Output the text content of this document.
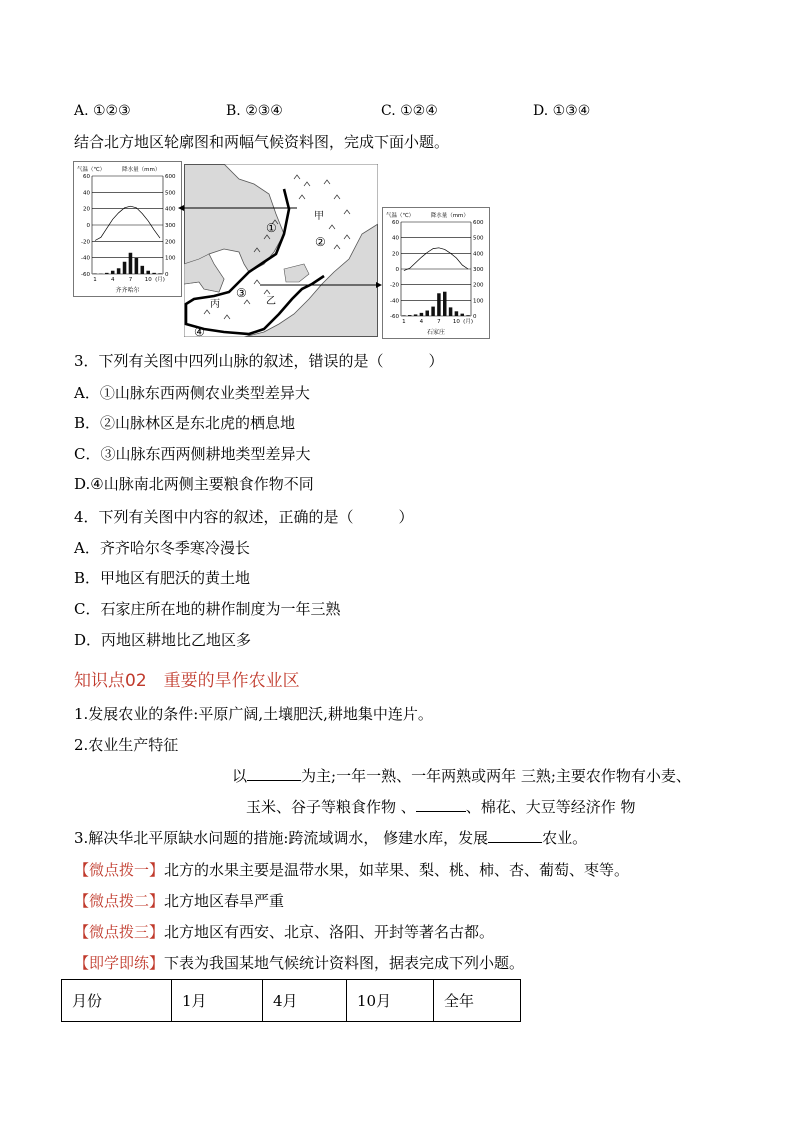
A. ①②③	B. ②③④	C. ①②④	D. ①③④
结合北方地区轮廓图和两幅气候资料图，完成下面小题。
气温（℃）	降水量（mm）
60	600
40	500
20	400
0	300
-20	200
-40	100
-60	0
1	4	7 10 (月)
齐齐哈尔
甲
乙
丙
①
②
③
④
气温（℃）	降水量（mm）
60	600
40	500
20	400
0	300
-20	200
-40	100
-60	0
1	4	7 10 (月)
石家庄
3．下列有关图中四列山脉的叙述，错误的是（　　　）
A．①山脉东西两侧农业类型差异大
B．②山脉林区是东北虎的栖息地
C．③山脉东西两侧耕地类型差异大
D.④山脉南北两侧主要粮食作物不同
4．下列有关图中内容的叙述，正确的是（　　　）
A．齐齐哈尔冬季寒冷漫长
B．甲地区有肥沃的黄土地
C．石家庄所在地的耕作制度为一年三熟
D．丙地区耕地比乙地区多
知识点02　重要的旱作农业区
1.发展农业的条件:平原广阔,土壤肥沃,耕地集中连片。
2.农业生产特征
以	为主;一年一熟、一年两熟或两年 三熟;主要农作物有小麦、
玉米、谷子等粮食作物 、	、棉花、大豆等经济作 物
3.解决华北平原缺水问题的措施:跨流域调水， 修建水库，发展	农业。
【微点拨一】北方的水果主要是温带水果，如苹果、梨、桃、柿、杏、葡萄、枣等。
【微点拨二】北方地区春旱严重
【微点拨三】北方地区有西安、北京、洛阳、开封等著名古都。
【即学即练】下表为我国某地气候统计资料图，据表完成下列小题。
月份	1月	4月	10月	全年
